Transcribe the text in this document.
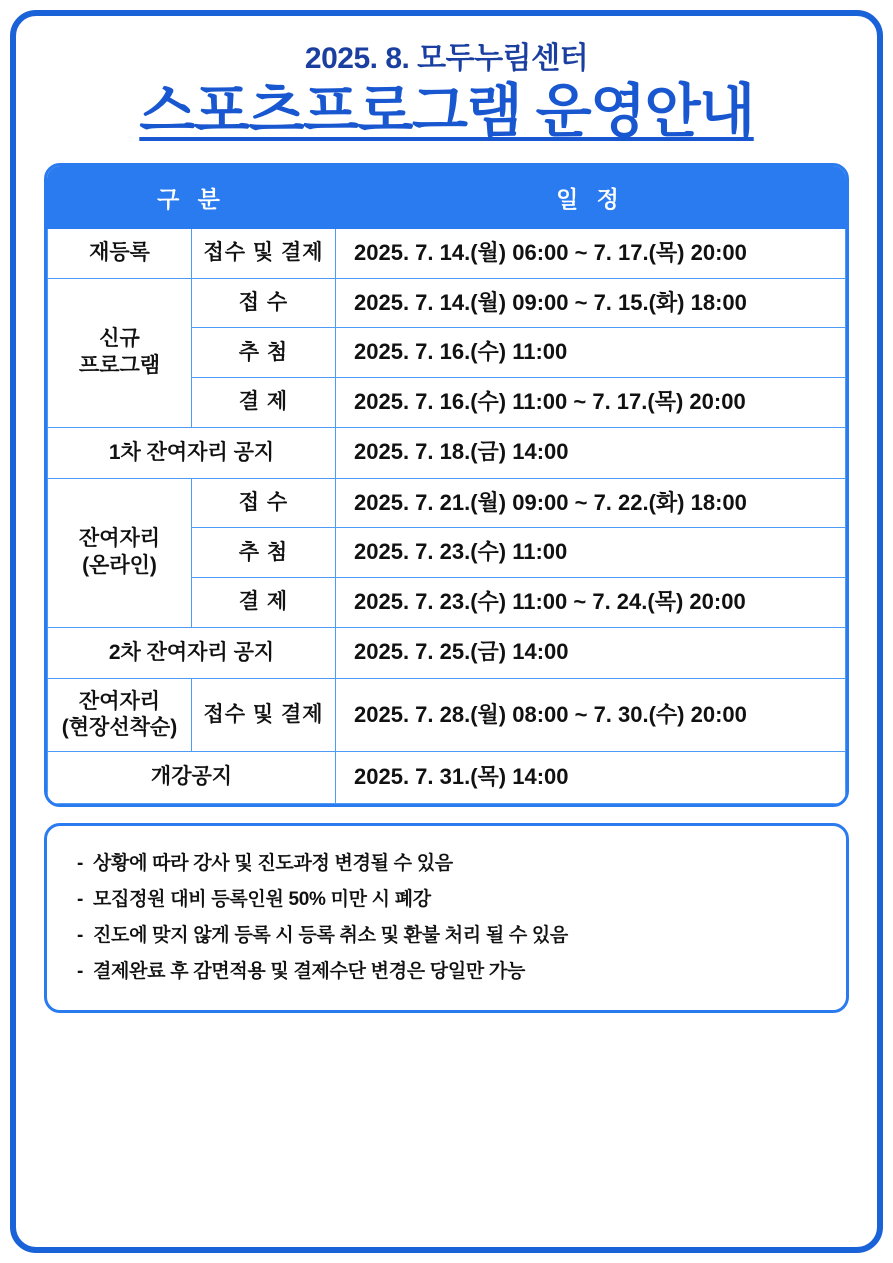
2025. 8. 모두누림센터
스포츠프로그램 운영안내
구 분		일 정
재등록	접수 및 결제	2025. 7. 14.(월) 06:00 ~ 7. 17.(목) 20:00
신규
프로그램	접 수	2025. 7. 14.(월) 09:00 ~ 7. 15.(화) 18:00
	추 첨	2025. 7. 16.(수) 11:00
	결 제	2025. 7. 16.(수) 11:00 ~ 7. 17.(목) 20:00
1차 잔여자리 공지		2025. 7. 18.(금) 14:00
잔여자리
(온라인)	접 수	2025. 7. 21.(월) 09:00 ~ 7. 22.(화) 18:00
	추 첨	2025. 7. 23.(수) 11:00
	결 제	2025. 7. 23.(수) 11:00 ~ 7. 24.(목) 20:00
2차 잔여자리 공지		2025. 7. 25.(금) 14:00
잔여자리
(현장선착순)	접수 및 결제	2025. 7. 28.(월) 08:00 ~ 7. 30.(수) 20:00
개강공지		2025. 7. 31.(목) 14:00
- 상황에 따라 강사 및 진도과정 변경될 수 있음
- 모집정원 대비 등록인원 50% 미만 시 폐강
- 진도에 맞지 않게 등록 시 등록 취소 및 환불 처리 될 수 있음
- 결제완료 후 감면적용 및 결제수단 변경은 당일만 가능
